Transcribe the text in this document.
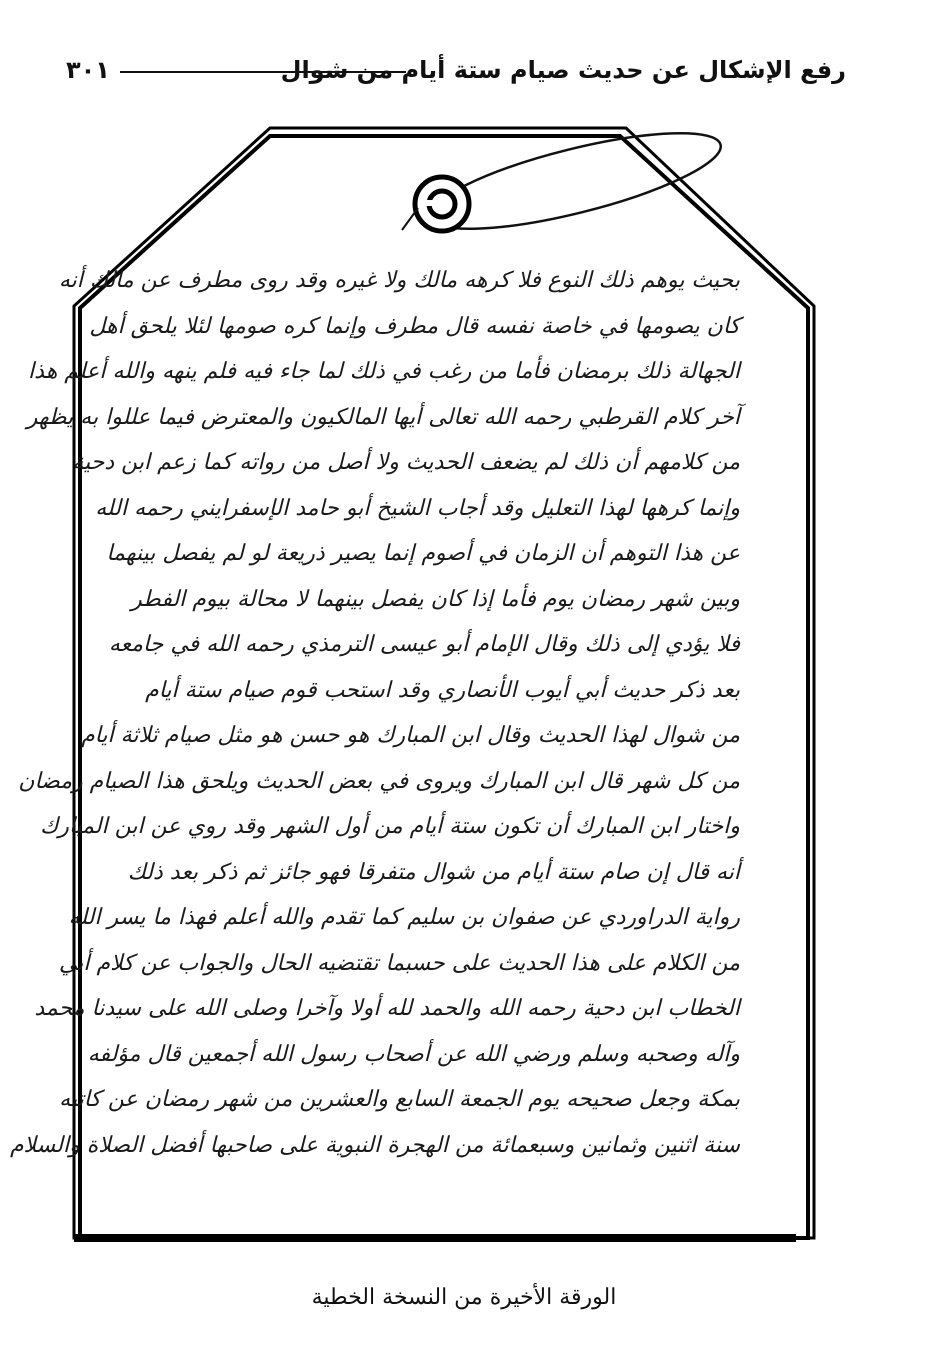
رفع الإشكال عن حديث صيام ستة أيام من شوال
٣٠١
بحيث يوهم ذلك النوع فلا كرهه مالك ولا غيره وقد روى مطرف عن مالك أنه
كان يصومها في خاصة نفسه قال مطرف وإنما كره صومها لئلا يلحق أهل
الجهالة ذلك برمضان فأما من رغب في ذلك لما جاء فيه فلم ينهه والله أعلم هذا
آخر كلام القرطبي رحمه الله تعالى أيها المالكيون والمعترض فيما عللوا به يظهر
من كلامهم أن ذلك لم يضعف الحديث ولا أصل من رواته كما زعم ابن دحية
وإنما كرهها لهذا التعليل وقد أجاب الشيخ أبو حامد الإسفرايني رحمه الله
عن هذا التوهم أن الزمان في أصوم إنما يصير ذريعة لو لم يفصل بينهما
وبين شهر رمضان يوم فأما إذا كان يفصل بينهما لا محالة بيوم الفطر
فلا يؤدي إلى ذلك وقال الإمام أبو عيسى الترمذي رحمه الله في جامعه
بعد ذكر حديث أبي أيوب الأنصاري وقد استحب قوم صيام ستة أيام
من شوال لهذا الحديث وقال ابن المبارك هو حسن هو مثل صيام ثلاثة أيام
من كل شهر قال ابن المبارك ويروى في بعض الحديث ويلحق هذا الصيام رمضان
واختار ابن المبارك أن تكون ستة أيام من أول الشهر وقد روي عن ابن المبارك
أنه قال إن صام ستة أيام من شوال متفرقا فهو جائز ثم ذكر بعد ذلك
رواية الدراوردي عن صفوان بن سليم كما تقدم والله أعلم فهذا ما يسر الله
من الكلام على هذا الحديث على حسبما تقتضيه الحال والجواب عن كلام أبي
الخطاب ابن دحية رحمه الله والحمد لله أولا وآخرا وصلى الله على سيدنا محمد
وآله وصحبه وسلم ورضي الله عن أصحاب رسول الله أجمعين قال مؤلفه
بمكة وجعل صحيحه يوم الجمعة السابع والعشرين من شهر رمضان عن كاتبه
سنة اثنين وثمانين وسبعمائة من الهجرة النبوية على صاحبها أفضل الصلاة والسلام
الورقة الأخيرة من النسخة الخطية
